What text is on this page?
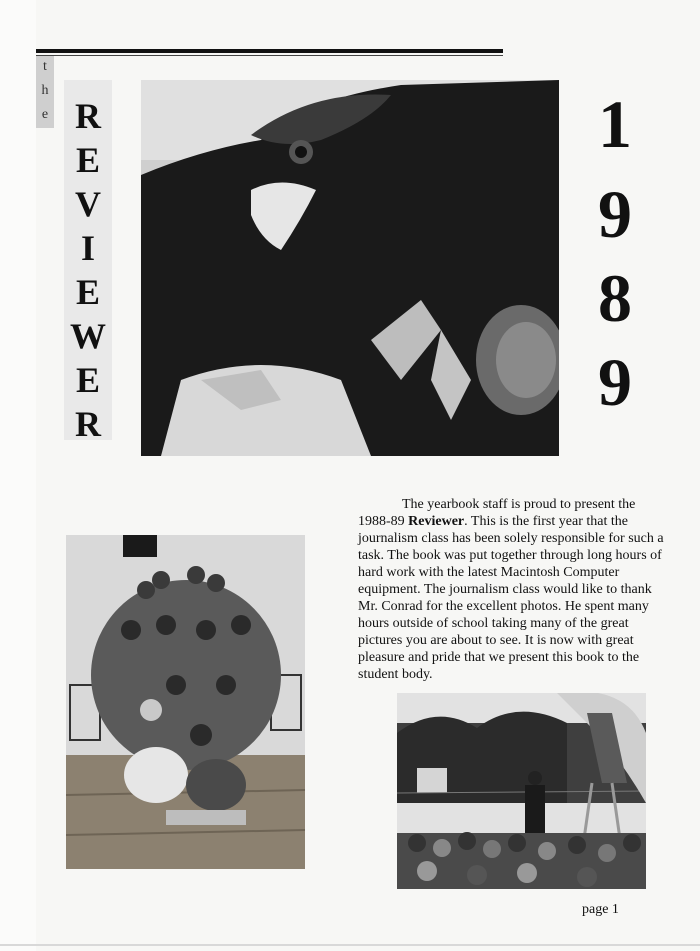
t
h
e R
E
V
I
E
W
E
R
1
9
8
9

The yearbook staff is proud to present the 1988-89 Reviewer. This is the first year that the journalism class has been solely responsible for such a task. The book was put together through long hours of hard work with the latest Macintosh Computer equipment. The journalism class would like to thank Mr. Conrad for the excellent photos. He spent many hours outside of school taking many of the great pictures you are about to see. It is now with great pleasure and pride that we present this book to the student body.

page 1
